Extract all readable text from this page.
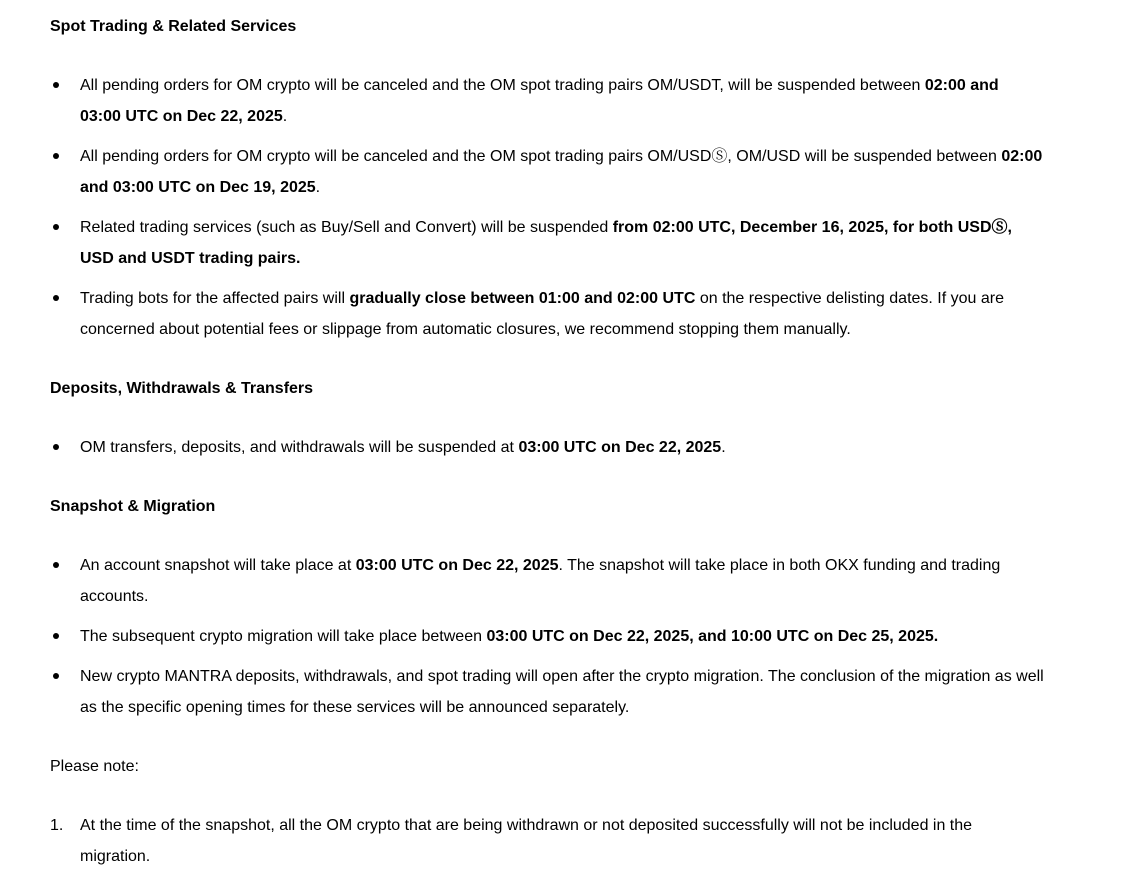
Spot Trading & Related Services
All pending orders for OM crypto will be canceled and the OM spot trading pairs OM/USDT, will be suspended between 02:00 and 03:00 UTC on Dec 22, 2025.
All pending orders for OM crypto will be canceled and the OM spot trading pairs OM/USDⓈ, OM/USD will be suspended between 02:00 and 03:00 UTC on Dec 19, 2025.
Related trading services (such as Buy/Sell and Convert) will be suspended from 02:00 UTC, December 16, 2025, for both USDⓈ, USD and USDT trading pairs.
Trading bots for the affected pairs will gradually close between 01:00 and 02:00 UTC on the respective delisting dates. If you are concerned about potential fees or slippage from automatic closures, we recommend stopping them manually.
Deposits, Withdrawals & Transfers
OM transfers, deposits, and withdrawals will be suspended at 03:00 UTC on Dec 22, 2025.
Snapshot & Migration
An account snapshot will take place at 03:00 UTC on Dec 22, 2025. The snapshot will take place in both OKX funding and trading accounts.
The subsequent crypto migration will take place between 03:00 UTC on Dec 22, 2025, and 10:00 UTC on Dec 25, 2025.
New crypto MANTRA deposits, withdrawals, and spot trading will open after the crypto migration. The conclusion of the migration as well as the specific opening times for these services will be announced separately.

Please note:

1.	At the time of the snapshot, all the OM crypto that are being withdrawn or not deposited successfully will not be included in the migration.
